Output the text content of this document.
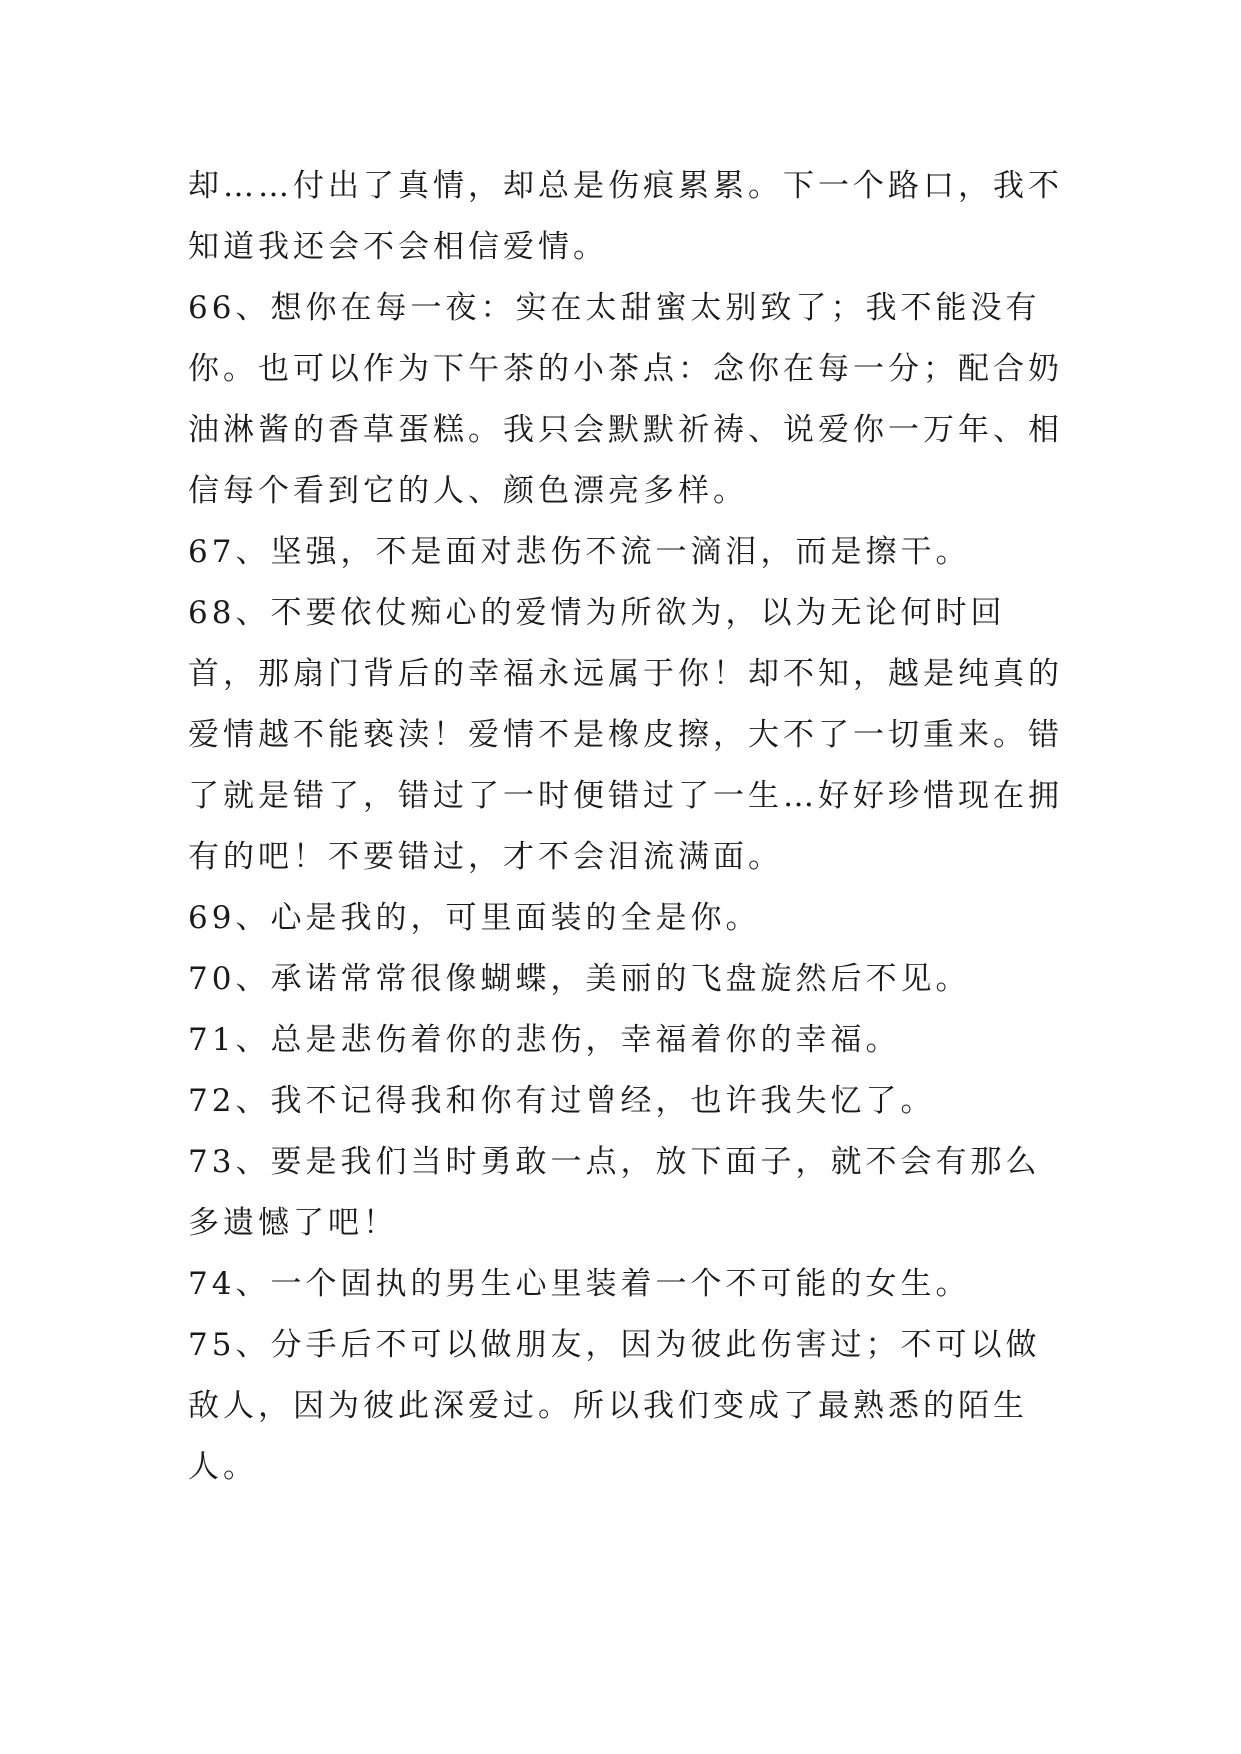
却……付出了真情，却总是伤痕累累。下一个路口，我不知道我还会不会相信爱情。

66、想你在每一夜：实在太甜蜜太别致了；我不能没有你。也可以作为下午茶的小茶点：念你在每一分；配合奶油淋酱的香草蛋糕。我只会默默祈祷、说爱你一万年、相信每个看到它的人、颜色漂亮多样。

67、坚强，不是面对悲伤不流一滴泪，而是擦干。

68、不要依仗痴心的爱情为所欲为，以为无论何时回首，那扇门背后的幸福永远属于你！却不知，越是纯真的爱情越不能亵渎！爱情不是橡皮擦，大不了一切重来。错了就是错了，错过了一时便错过了一生…好好珍惜现在拥有的吧！不要错过，才不会泪流满面。

69、心是我的，可里面装的全是你。

70、承诺常常很像蝴蝶，美丽的飞盘旋然后不见。

71、总是悲伤着你的悲伤，幸福着你的幸福。

72、我不记得我和你有过曾经，也许我失忆了。

73、要是我们当时勇敢一点，放下面子，就不会有那么多遗憾了吧！

74、一个固执的男生心里装着一个不可能的女生。

75、分手后不可以做朋友，因为彼此伤害过；不可以做敌人，因为彼此深爱过。所以我们变成了最熟悉的陌生人。
